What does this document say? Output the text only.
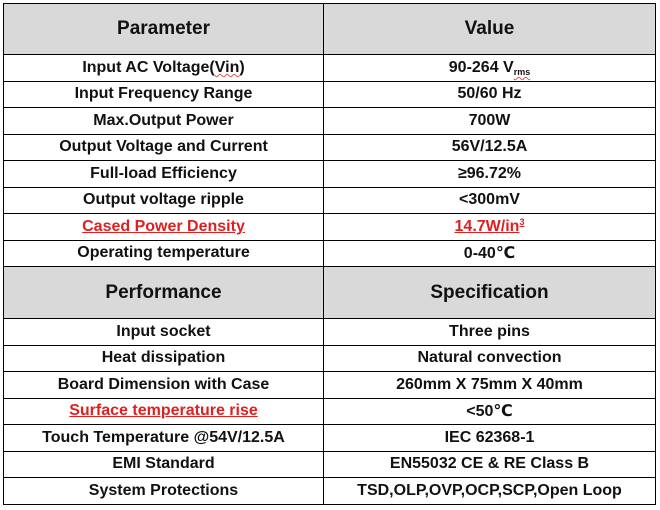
Parameter	Value
Input AC Voltage(Vin)	90-264 $V_{rms}$
Input Frequency Range	50/60 Hz
Max.Output Power	700W
Output Voltage and Current	56V/12.5A
Full-load Efficiency	≥96.72%
Output voltage ripple	<300mV
Cased Power Density	$14.7W/in^3$
Operating temperature	0-40℃
Performance	Specification
Input socket	Three pins
Heat dissipation	Natural convection
Board Dimension with Case	260mm X 75mm X 40mm
Surface temperature rise	<50℃
Touch Temperature @54V/12.5A	IEC 62368-1
EMI Standard	EN55032 CE & RE Class B
System Protections	TSD,OLP,OVP,OCP,SCP,Open Loop
